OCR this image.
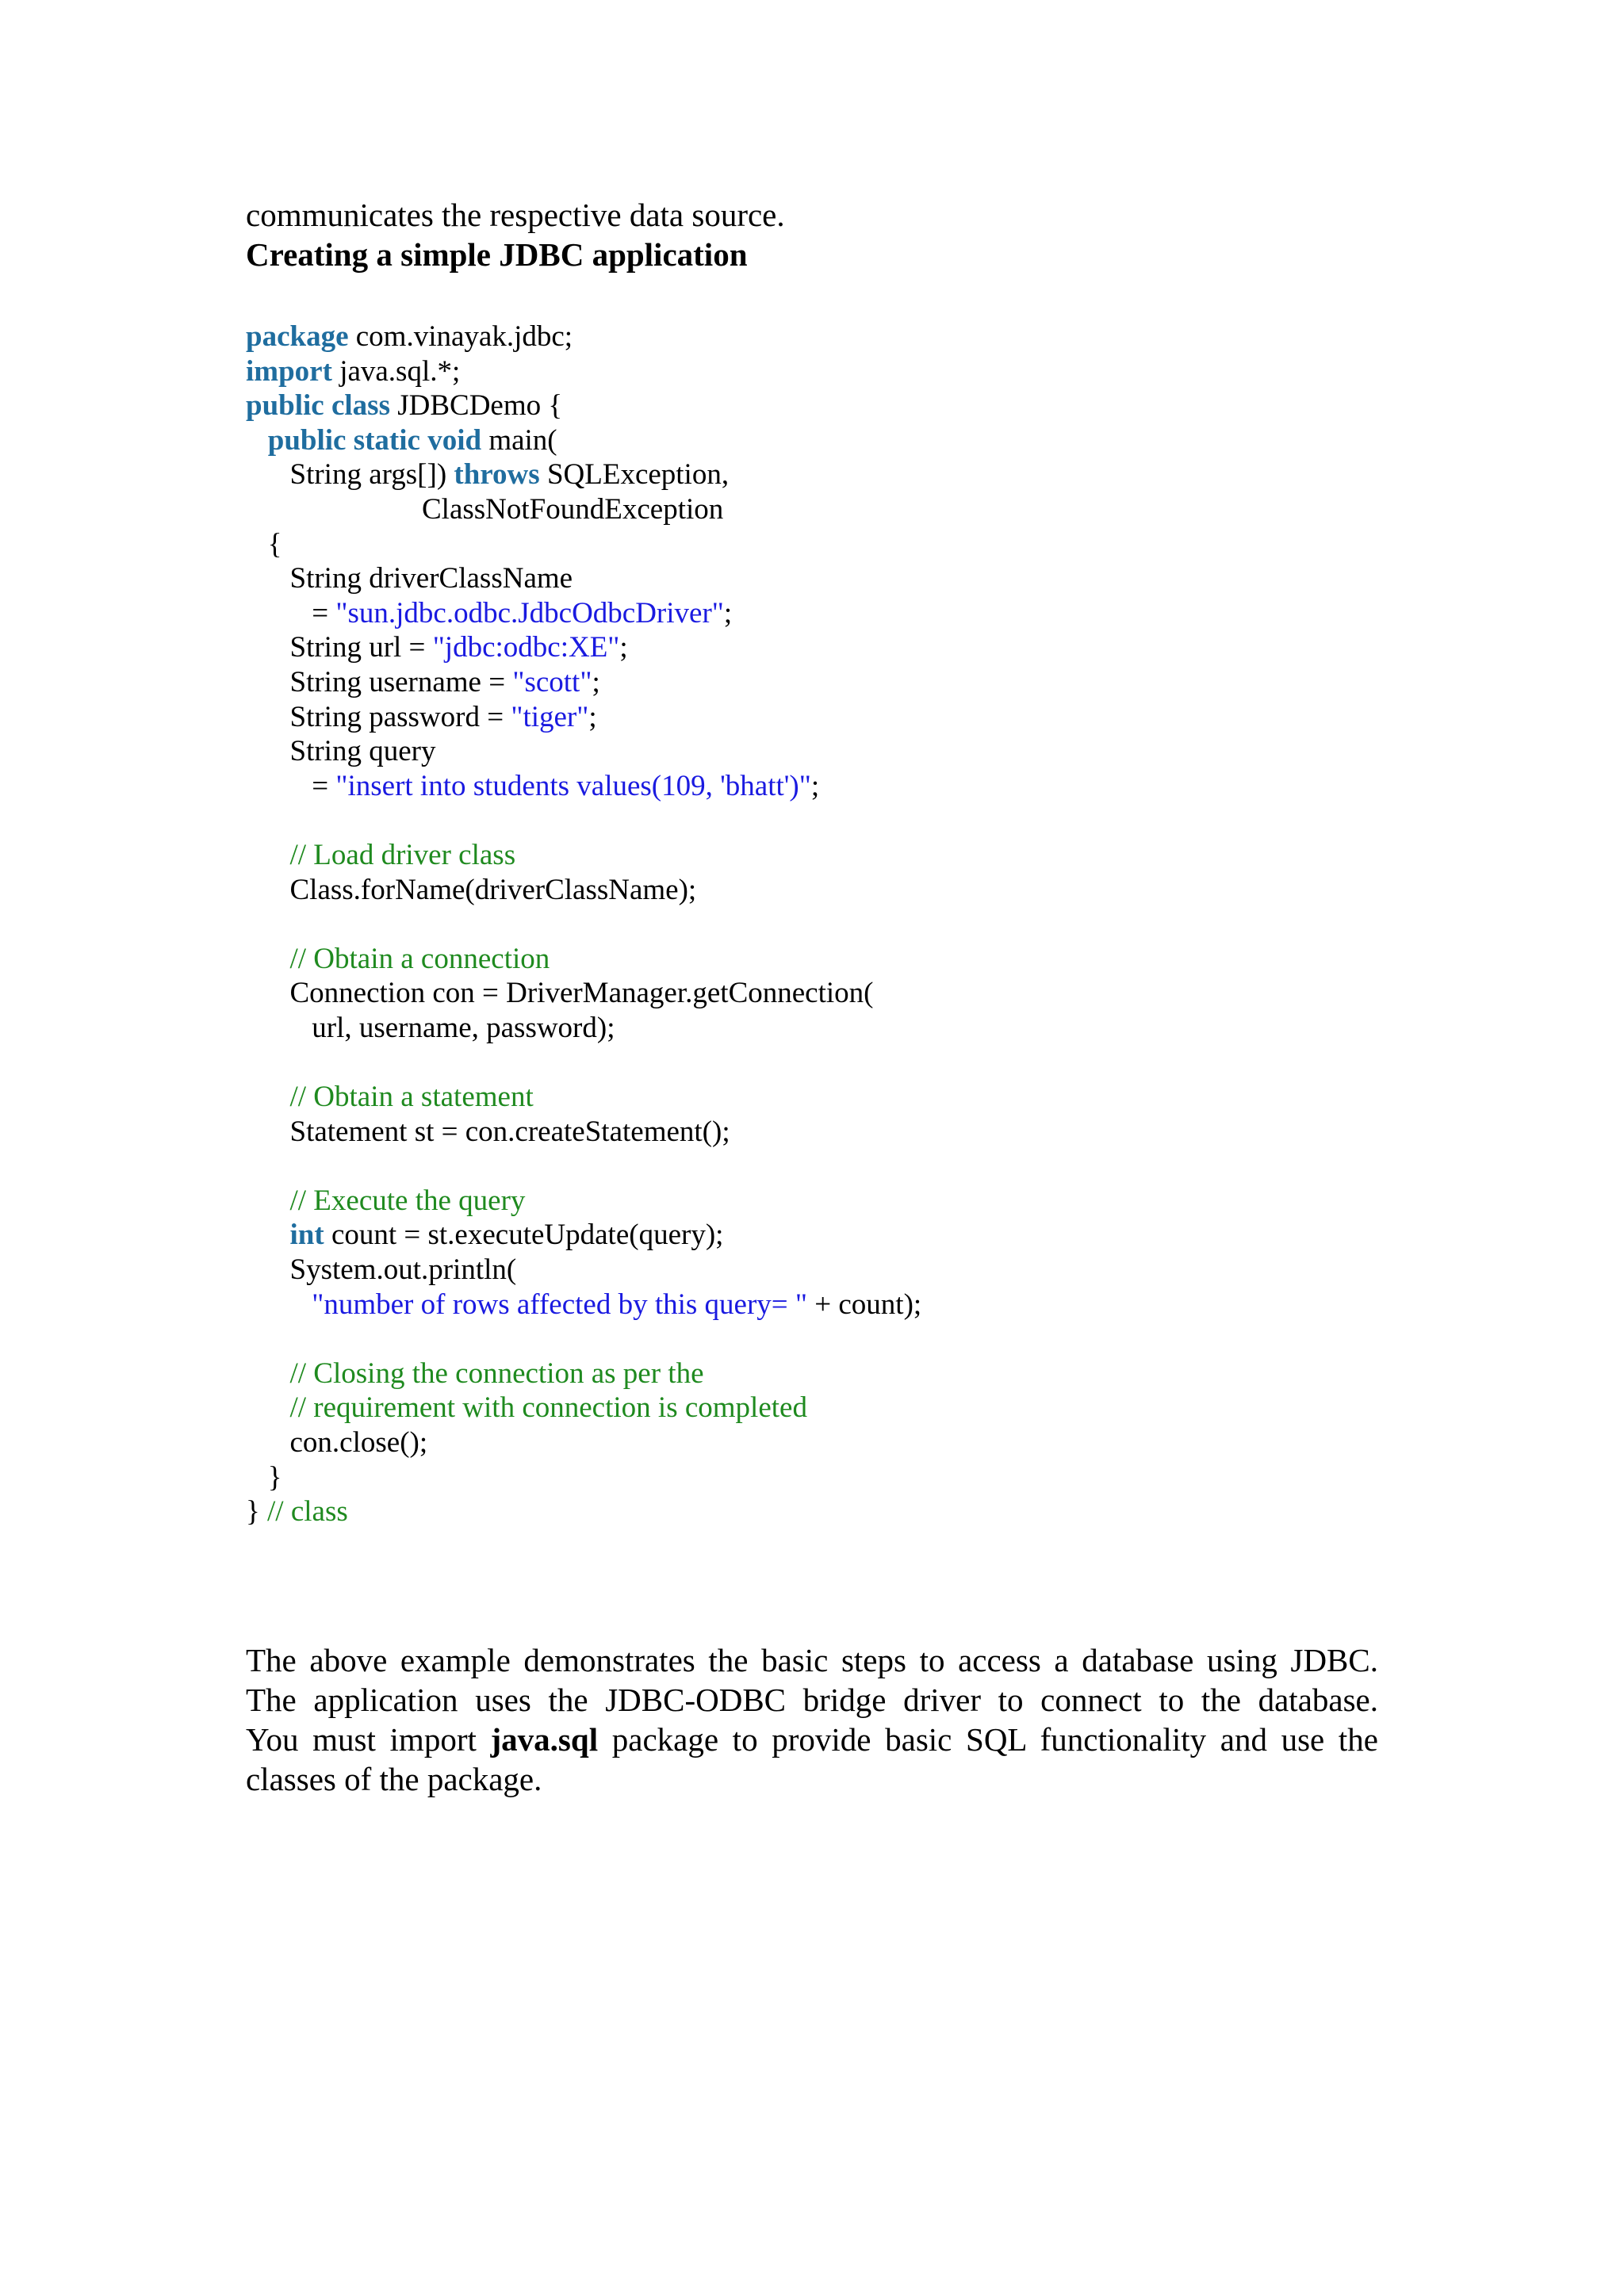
communicates the respective data source.
Creating a simple JDBC application
package com.vinayak.jdbc;
import java.sql.*;
public class JDBCDemo {
public static void main(
String args[]) throws SQLException,
ClassNotFoundException
{
String driverClassName
= "sun.jdbc.odbc.JdbcOdbcDriver";
String url = "jdbc:odbc:XE";
String username = "scott";
String password = "tiger";
String query
= "insert into students values(109, 'bhatt')";

// Load driver class
Class.forName(driverClassName);

// Obtain a connection
Connection con = DriverManager.getConnection(
url, username, password);

// Obtain a statement
Statement st = con.createStatement();

// Execute the query
int count = st.executeUpdate(query);
System.out.println(
"number of rows affected by this query= " + count);

// Closing the connection as per the
// requirement with connection is completed
con.close();
}
} // class
The above example demonstrates the basic steps to access a database using JDBC.
The application uses the JDBC-ODBC bridge driver to connect to the database.
You must import java.sql package to provide basic SQL functionality and use the
classes of the package.
